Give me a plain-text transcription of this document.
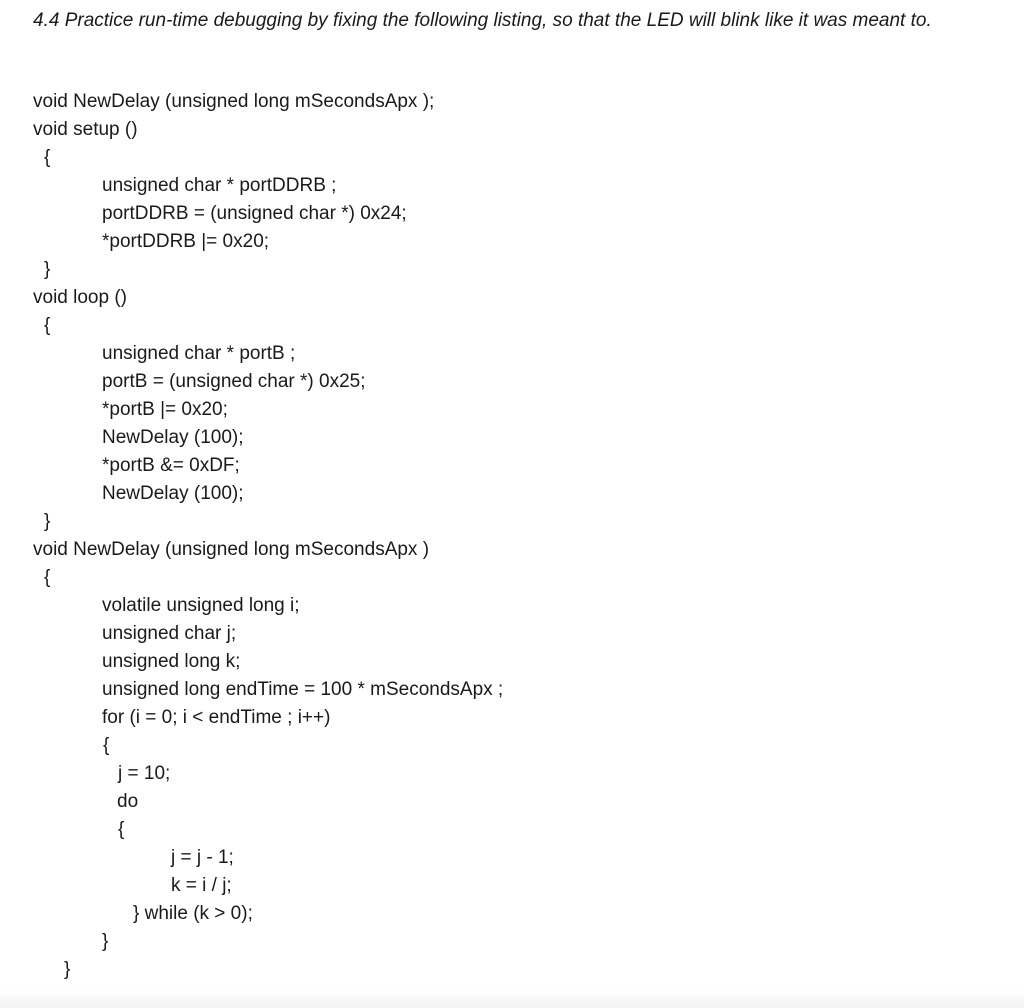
4.4 Practice run-time debugging by fixing the following listing, so that the LED will blink like it was meant to.

void NewDelay (unsigned long mSecondsApx );
void setup ()
{
unsigned char * portDDRB ;
portDDRB = (unsigned char *) 0x24;
*portDDRB |= 0x20;
}
void loop ()
{
unsigned char * portB ;
portB = (unsigned char *) 0x25;
*portB |= 0x20;
NewDelay (100);
*portB &= 0xDF;
NewDelay (100);
}
void NewDelay (unsigned long mSecondsApx )
{
volatile unsigned long i;
unsigned char j;
unsigned long k;
unsigned long endTime = 100 * mSecondsApx ;
for (i = 0; i < endTime ; i++)
{
j = 10;
do
{
j = j - 1;
k = i / j;
} while (k > 0);
}
}
